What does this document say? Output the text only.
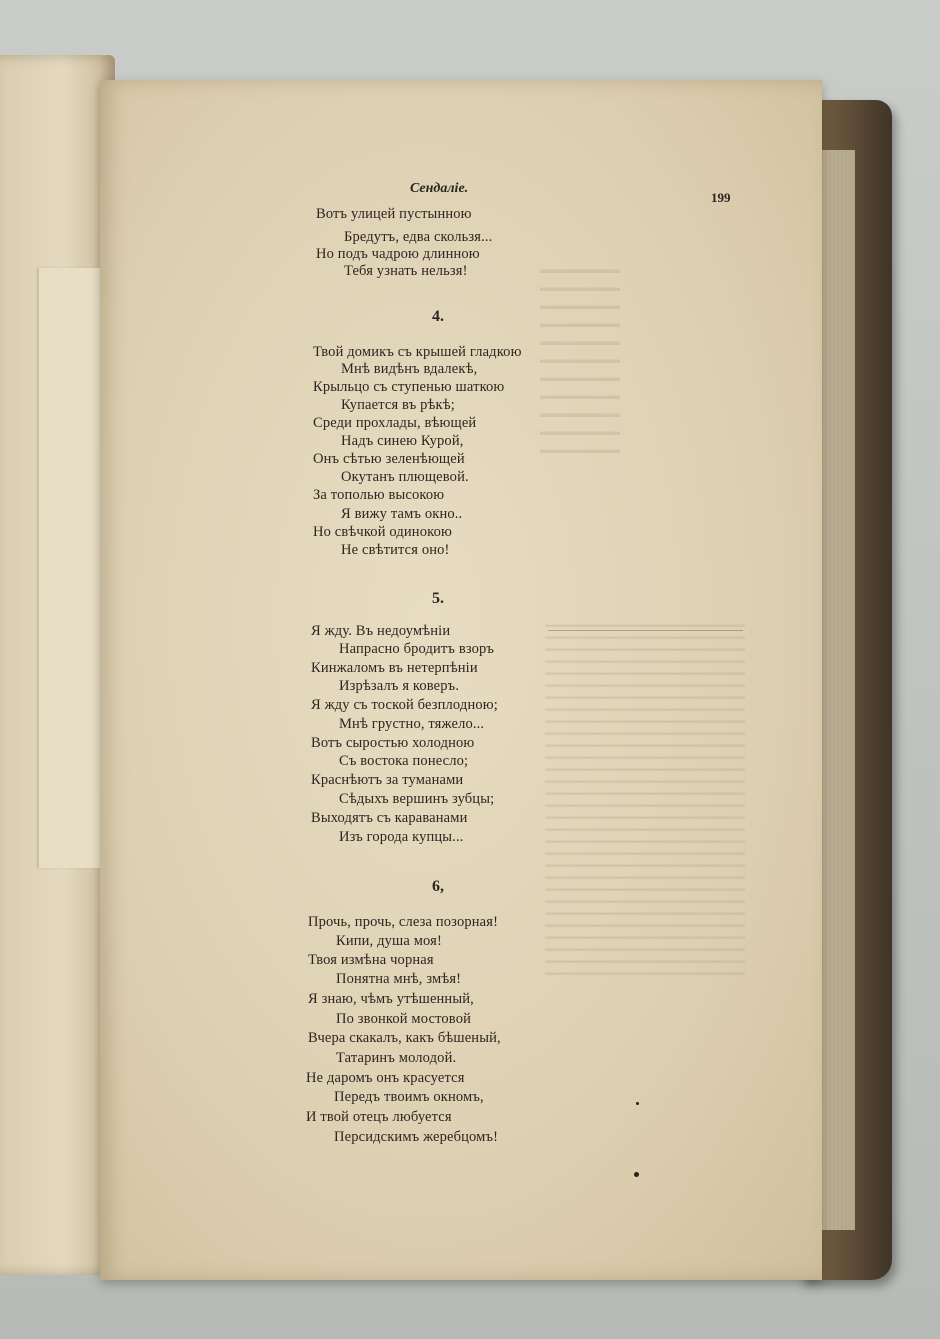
Сендаліе.

199

Вотъ улицей пустынною

Бредутъ, едва скользя...

Но подъ чадрою длинною

Тебя узнать нельзя!

4.

Твой домикъ съ крышей гладкою

Мнѣ видѣнъ вдалекѣ,

Крыльцо съ ступенью шаткою

Купается въ рѣкѣ;

Среди прохлады, вѣющей

Надъ синею Курой,

Онъ сѣтью зеленѣющей

Окутанъ плющевой.

За тополью высокою

Я вижу тамъ окно..

Но свѣчкой одинокою

Не свѣтится оно!

5.

Я жду. Въ недоумѣніи

Напрасно бродитъ взоръ

Кинжаломъ въ нетерпѣніи

Изрѣзалъ я коверъ.

Я жду съ тоской безплодною;

Мнѣ грустно, тяжело...

Вотъ сыростью холодною

Съ востока понесло;

Краснѣютъ за туманами

Сѣдыхъ вершинъ зубцы;

Выходятъ съ караванами

Изъ города купцы...

6,

Прочь, прочь, слеза позорная!

Кипи, душа моя!

Твоя измѣна чорная

Понятна мнѣ, змѣя!

Я знаю, чѣмъ утѣшенный,

По звонкой мостовой

Вчера скакалъ, какъ бѣшеный,

Татаринъ молодой.

Не даромъ онъ красуется

Передъ твоимъ окномъ,

И твой отецъ любуется

Персидскимъ жеребцомъ!
